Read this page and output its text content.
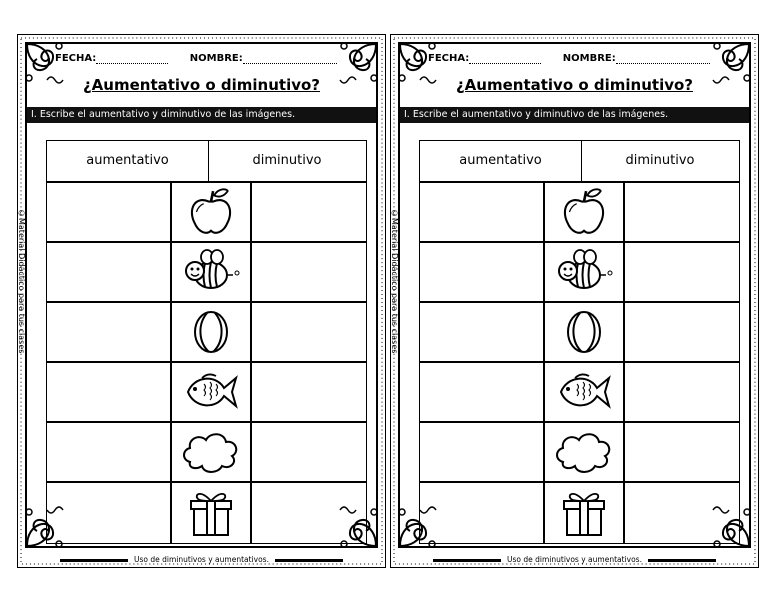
FECHA:	NOMBRE:
¿Aumentativo o diminutivo?
I. Escribe el aumentativo y diminutivo de las imágenes.
©Material Didáctico para tus clases
aumentativo	diminutivo
Uso de diminutivos y aumentativos.
FECHA:	NOMBRE:
¿Aumentativo o diminutivo?
I. Escribe el aumentativo y diminutivo de las imágenes.
©Material Didáctico para tus clases
aumentativo	diminutivo
Uso de diminutivos y aumentativos.
